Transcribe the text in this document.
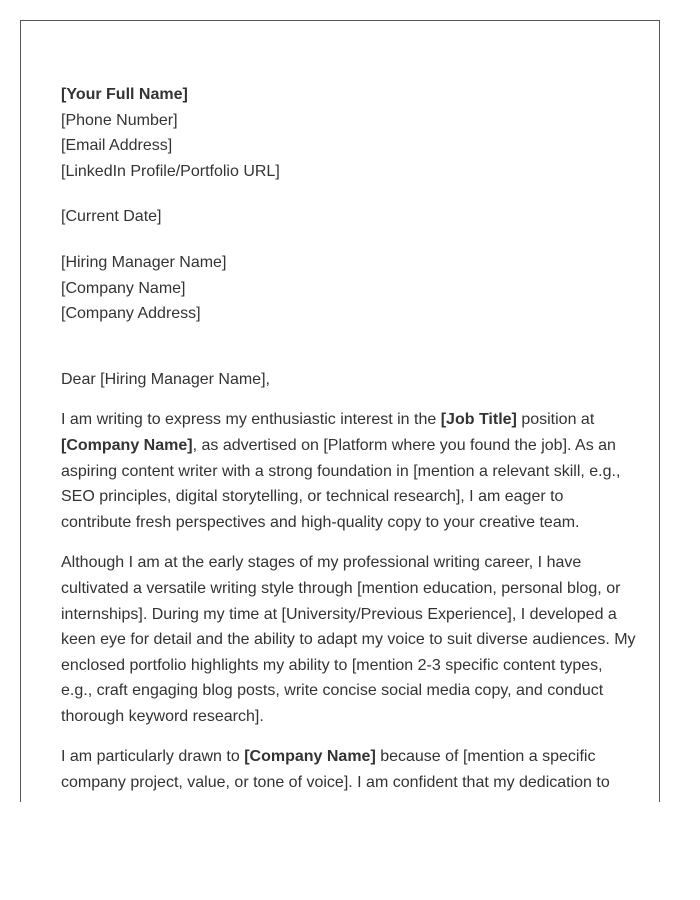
[Your Full Name]
[Phone Number]
[Email Address]
[LinkedIn Profile/Portfolio URL]
[Current Date]
[Hiring Manager Name]
[Company Name]
[Company Address]

Dear [Hiring Manager Name],

I am writing to express my enthusiastic interest in the [Job Title] position at [Company Name], as advertised on [Platform where you found the job]. As an aspiring content writer with a strong foundation in [mention a relevant skill, e.g., SEO principles, digital storytelling, or technical research], I am eager to contribute fresh perspectives and high-quality copy to your creative team.

Although I am at the early stages of my professional writing career, I have cultivated a versatile writing style through [mention education, personal blog, or internships]. During my time at [University/Previous Experience], I developed a keen eye for detail and the ability to adapt my voice to suit diverse audiences. My enclosed portfolio highlights my ability to [mention 2-3 specific content types, e.g., craft engaging blog posts, write concise social media copy, and conduct thorough keyword research].

I am particularly drawn to [Company Name] because of [mention a specific company project, value, or tone of voice]. I am confident that my dedication to
